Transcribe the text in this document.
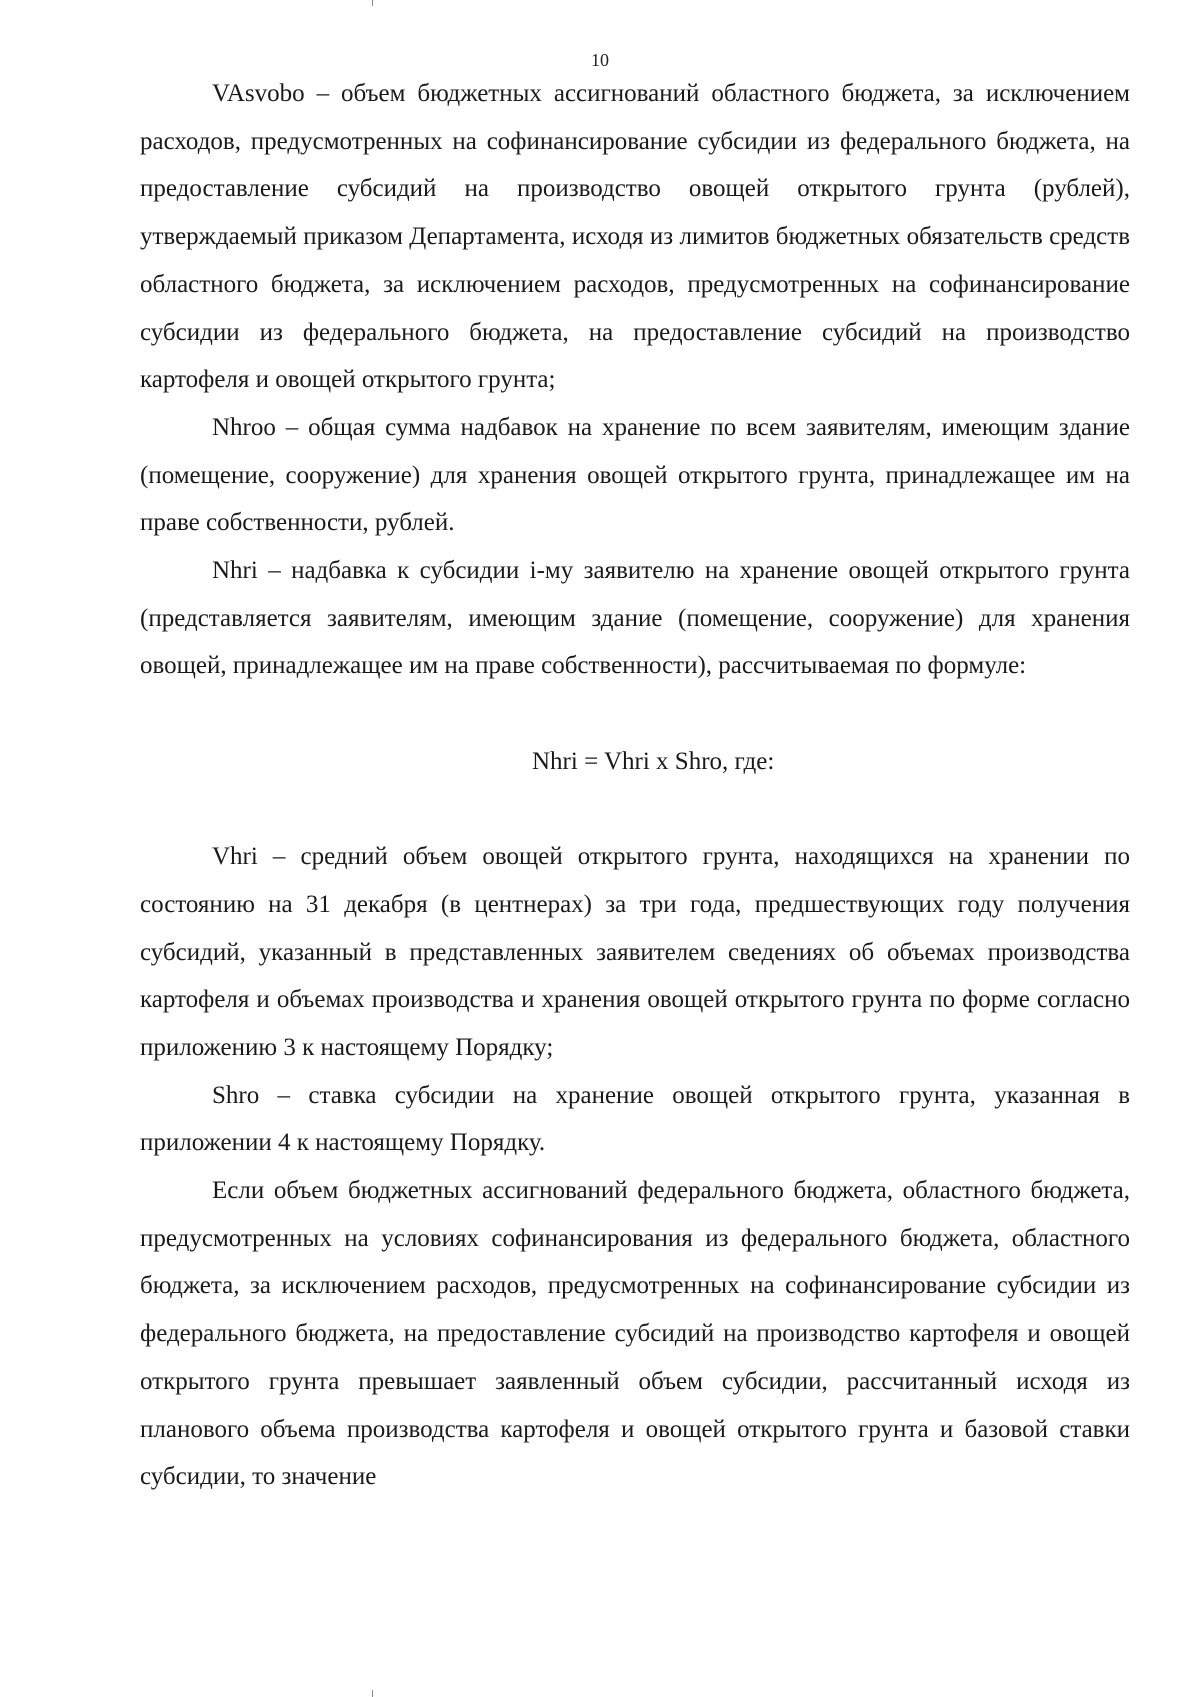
10

VAsvobo – объем бюджетных ассигнований областного бюджета, за исключением расходов, предусмотренных на софинансирование субсидии из федерального бюджета, на предоставление субсидий на производство овощей открытого грунта (рублей), утверждаемый приказом Департамента, исходя из лимитов бюджетных обязательств средств областного бюджета, за исключением расходов, предусмотренных на софинансирование субсидии из федерального бюджета, на предоставление субсидий на производство картофеля и овощей открытого грунта;

Nhroo – общая сумма надбавок на хранение по всем заявителям, имеющим здание (помещение, сооружение) для хранения овощей открытого грунта, принадлежащее им на праве собственности, рублей.

Nhri – надбавка к субсидии i-му заявителю на хранение овощей открытого грунта (представляется заявителям, имеющим здание (помещение, сооружение) для хранения овощей, принадлежащее им на праве собственности), рассчитываемая по формуле:

Nhri = Vhri x Shro, где:

Vhri – средний объем овощей открытого грунта, находящихся на хранении по состоянию на 31 декабря (в центнерах) за три года, предшествующих году получения субсидий, указанный в представленных заявителем сведениях об объемах производства картофеля и объемах производства и хранения овощей открытого грунта по форме согласно приложению 3 к настоящему Порядку;

Shro – ставка субсидии на хранение овощей открытого грунта, указанная в приложении 4 к настоящему Порядку.

Если объем бюджетных ассигнований федерального бюджета, областного бюджета, предусмотренных на условиях софинансирования из федерального бюджета, областного бюджета, за исключением расходов, предусмотренных на софинансирование субсидии из федерального бюджета, на предоставление субсидий на производство картофеля и овощей открытого грунта превышает заявленный объем субсидии, рассчитанный исходя из планового объема производства картофеля и овощей открытого грунта и базовой ставки субсидии, то значение
